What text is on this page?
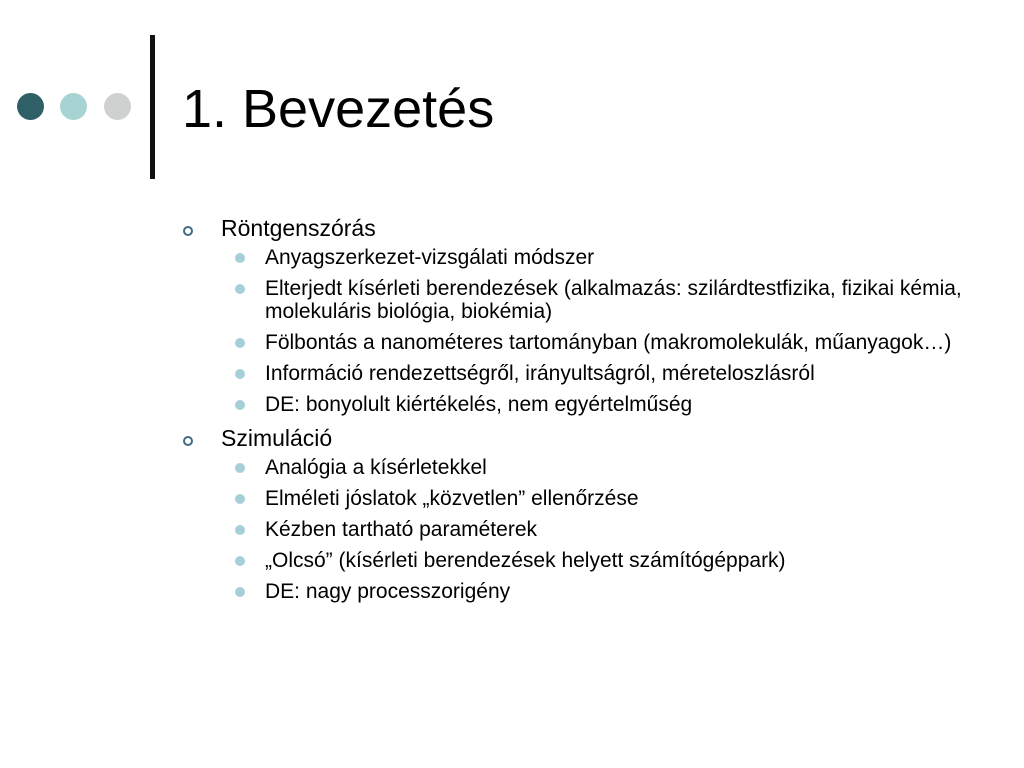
1. Bevezetés
Röntgenszórás
Anyagszerkezet-vizsgálati módszer
Elterjedt kísérleti berendezések (alkalmazás: szilárdtestfizika, fizikai kémia, molekuláris biológia, biokémia)
Fölbontás a nanométeres tartományban (makromolekulák, műanyagok…)
Információ rendezettségről, irányultságról, méreteloszlásról
DE: bonyolult kiértékelés, nem egyértelműség
Szimuláció
Analógia a kísérletekkel
Elméleti jóslatok „közvetlen” ellenőrzése
Kézben tartható paraméterek
„Olcsó” (kísérleti berendezések helyett számítógéppark)
DE: nagy processzorigény
